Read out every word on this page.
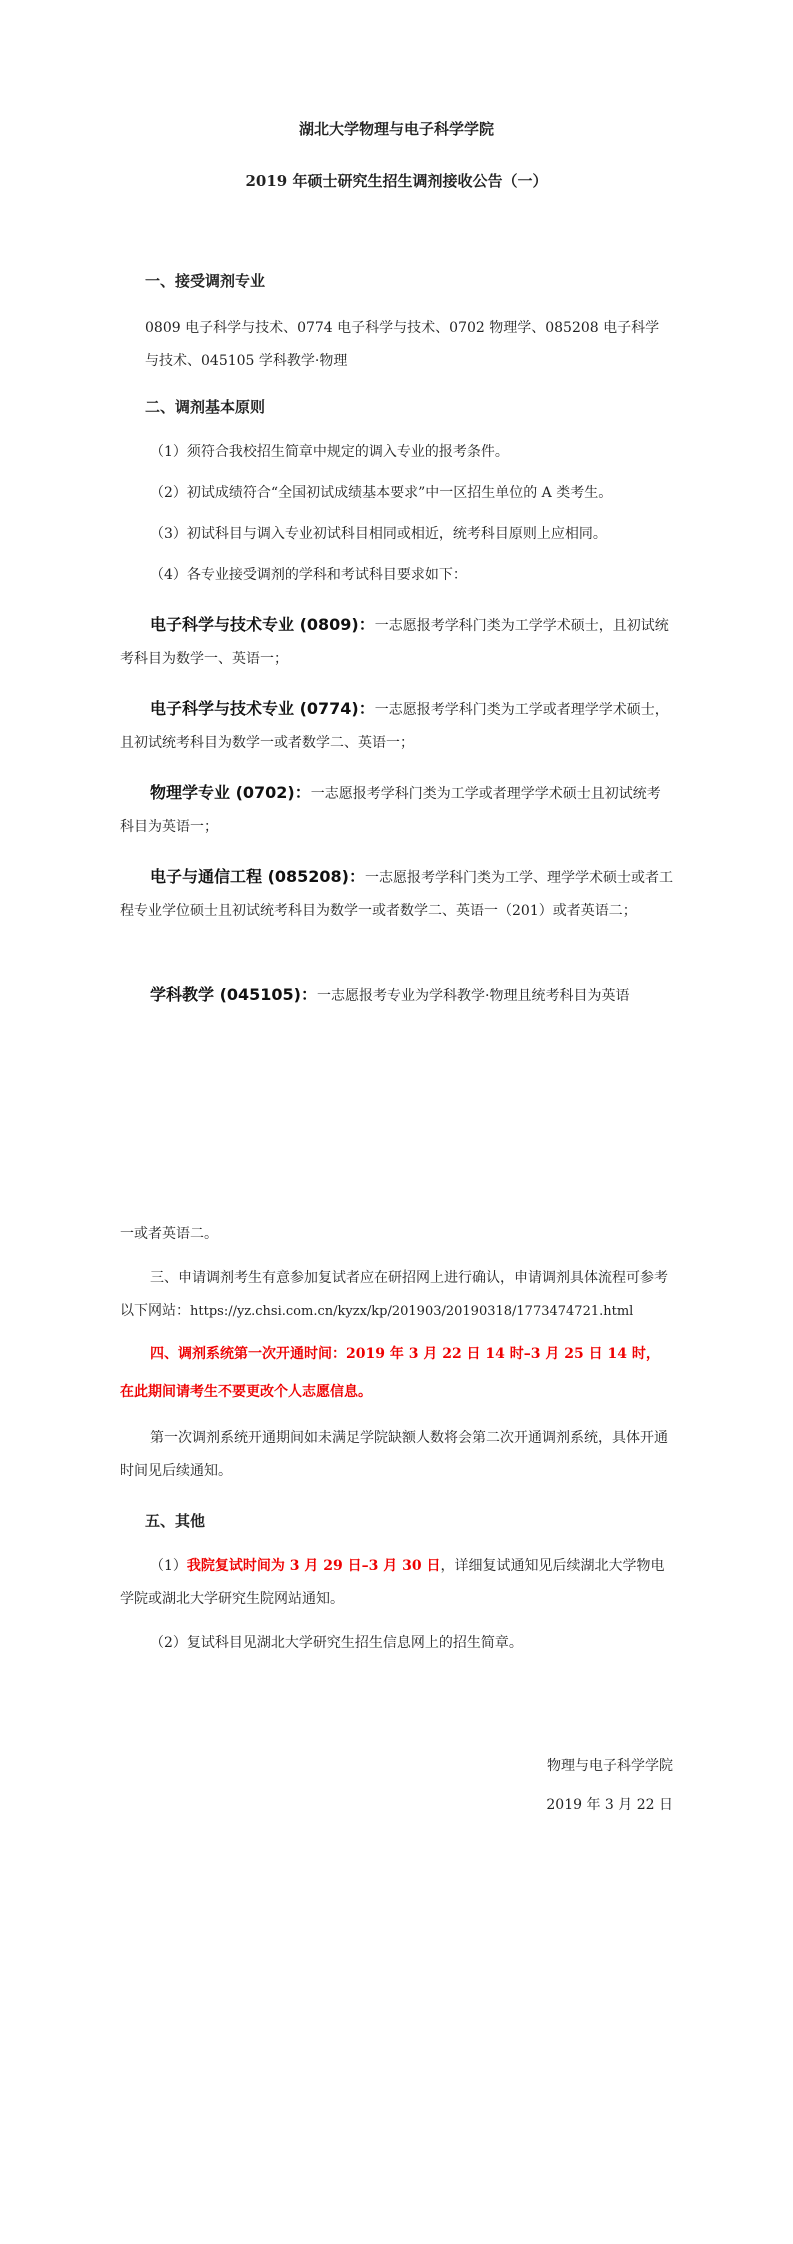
湖北大学物理与电子科学学院
2019 年硕士研究生招生调剂接收公告（一）
一、接受调剂专业
0809 电子科学与技术、0774 电子科学与技术、0702 物理学、085208 电子科学与技术、045105 学科教学·物理
二、调剂基本原则
（1）须符合我校招生简章中规定的调入专业的报考条件。
（2）初试成绩符合“全国初试成绩基本要求”中一区招生单位的 A 类考生。
（3）初试科目与调入专业初试科目相同或相近，统考科目原则上应相同。
（4）各专业接受调剂的学科和考试科目要求如下：
电子科学与技术专业 (0809)：一志愿报考学科门类为工学学术硕士，且初试统考科目为数学一、英语一；
电子科学与技术专业 (0774)：一志愿报考学科门类为工学或者理学学术硕士，且初试统考科目为数学一或者数学二、英语一；
物理学专业 (0702)：一志愿报考学科门类为工学或者理学学术硕士且初试统考科目为英语一；
电子与通信工程 (085208)：一志愿报考学科门类为工学、理学学术硕士或者工程专业学位硕士且初试统考科目为数学一或者数学二、英语一（201）或者英语二；
学科教学 (045105)：一志愿报考专业为学科教学·物理且统考科目为英语
一或者英语二。
三、申请调剂考生有意参加复试者应在研招网上进行确认，申请调剂具体流程可参考以下网站：https://yz.chsi.com.cn/kyzx/kp/201903/20190318/1773474721.html
四、调剂系统第一次开通时间：2019 年 3 月 22 日 14 时–3 月 25 日 14 时，
在此期间请考生不要更改个人志愿信息。
第一次调剂系统开通期间如未满足学院缺额人数将会第二次开通调剂系统，具体开通时间见后续通知。
五、其他
（1）我院复试时间为 3 月 29 日–3 月 30 日，详细复试通知见后续湖北大学物电学院或湖北大学研究生院网站通知。
（2）复试科目见湖北大学研究生招生信息网上的招生简章。
物理与电子科学学院
2019 年 3 月 22 日
